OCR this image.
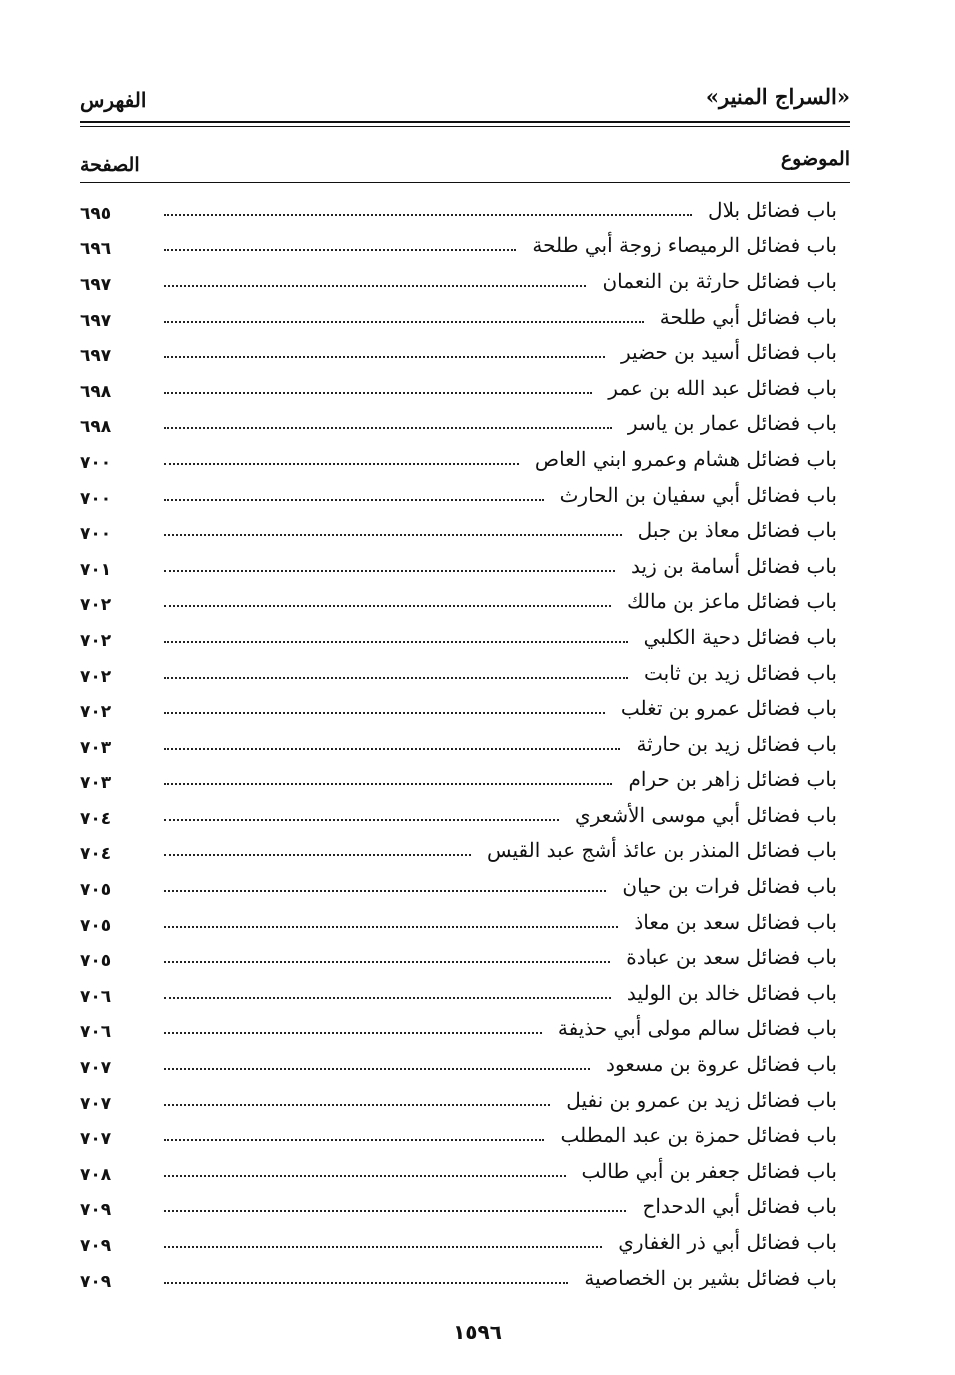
«السراج المنير»
الفهرس
الموضوع
الصفحة
باب فضائل بلال
٦٩٥
باب فضائل الرميصاء زوجة أبي طلحة
٦٩٦
باب فضائل حارثة بن النعمان
٦٩٧
باب فضائل أبي طلحة
٦٩٧
باب فضائل أسيد بن حضير
٦٩٧
باب فضائل عبد الله بن عمر
٦٩٨
باب فضائل عمار بن ياسر
٦٩٨
باب فضائل هشام وعمرو ابني العاص
٧٠٠
باب فضائل أبي سفيان بن الحارث
٧٠٠
باب فضائل معاذ بن جبل
٧٠٠
باب فضائل أسامة بن زيد
٧٠١
باب فضائل ماعز بن مالك
٧٠٢
باب فضائل دحية الكلبي
٧٠٢
باب فضائل زيد بن ثابت
٧٠٢
باب فضائل عمرو بن تغلب
٧٠٢
باب فضائل زيد بن حارثة
٧٠٣
باب فضائل زاهر بن حرام
٧٠٣
باب فضائل أبي موسى الأشعري
٧٠٤
باب فضائل المنذر بن عائذ أشج عبد القيس
٧٠٤
باب فضائل فرات بن حيان
٧٠٥
باب فضائل سعد بن معاذ
٧٠٥
باب فضائل سعد بن عبادة
٧٠٥
باب فضائل خالد بن الوليد
٧٠٦
باب فضائل سالم مولى أبي حذيفة
٧٠٦
باب فضائل عروة بن مسعود
٧٠٧
باب فضائل زيد بن عمرو بن نفيل
٧٠٧
باب فضائل حمزة بن عبد المطلب
٧٠٧
باب فضائل جعفر بن أبي طالب
٧٠٨
باب فضائل أبي الدحداح
٧٠٩
باب فضائل أبي ذر الغفاري
٧٠٩
باب فضائل بشير بن الخصاصية
٧٠٩
١٥٩٦
